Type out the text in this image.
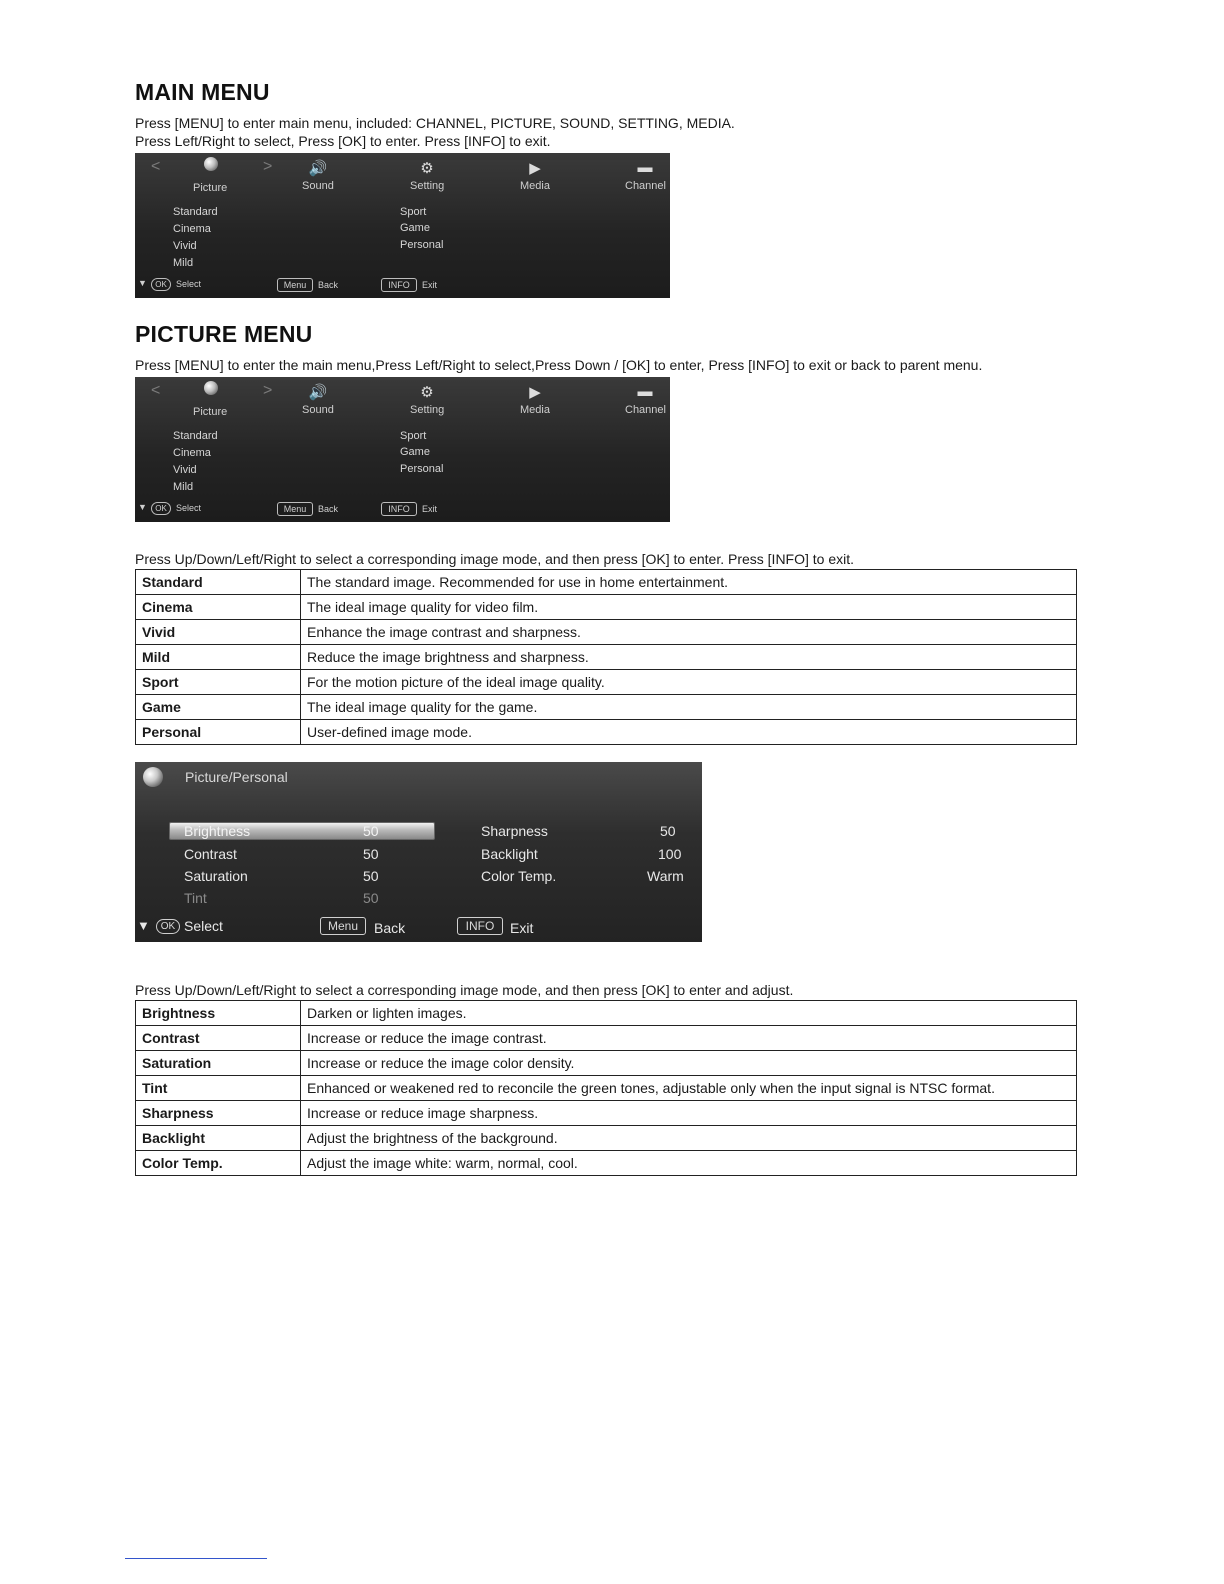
MAIN MENU

Press [MENU] to enter main menu, included: CHANNEL, PICTURE, SOUND, SETTING, MEDIA.

Press Left/Right to select, Press [OK] to enter. Press [INFO] to exit.

<	>
Picture
🔊
Sound
⚙
Setting
▶
Media
▬
Channel
Standard
Cinema
Vivid
Mild
Sport
Game
Personal
▼	OK	Select	Menu	Back	INFO	Exit
PICTURE MENU

Press [MENU] to enter the main menu,Press Left/Right to select,Press Down / [OK] to enter, Press [INFO] to exit or back to parent menu.

<	>
Picture
🔊
Sound
⚙
Setting
▶
Media
▬
Channel
Standard
Cinema
Vivid
Mild
Sport
Game
Personal
▼	OK	Select	Menu	Back	INFO	Exit

Press Up/Down/Left/Right to select a corresponding image mode, and then press [OK] to enter. Press [INFO] to exit.

Standard	The standard image. Recommended for use in home entertainment.
Cinema	The ideal image quality for video film.
Vivid	Enhance the image contrast and sharpness.
Mild	Reduce the image brightness and sharpness.
Sport	For the motion picture of the ideal image quality.
Game	The ideal image quality for the game.
Personal	User-defined image mode.
Picture/Personal
Brightness	50
Contrast	50
Saturation	50
Tint	50
Sharpness	50
Backlight	100
Color Temp.	Warm
▼	OK Select	Menu	Back	INFO	Exit

Press Up/Down/Left/Right to select a corresponding image mode, and then press [OK] to enter and adjust.

Brightness	Darken or lighten images.
Contrast	Increase or reduce the image contrast.
Saturation	Increase or reduce the image color density.
Tint	Enhanced or weakened red to reconcile the green tones, adjustable only when the input signal is NTSC format.
Sharpness	Increase or reduce image sharpness.
Backlight	Adjust the brightness of the background.
Color Temp.	Adjust the image white: warm, normal, cool.
